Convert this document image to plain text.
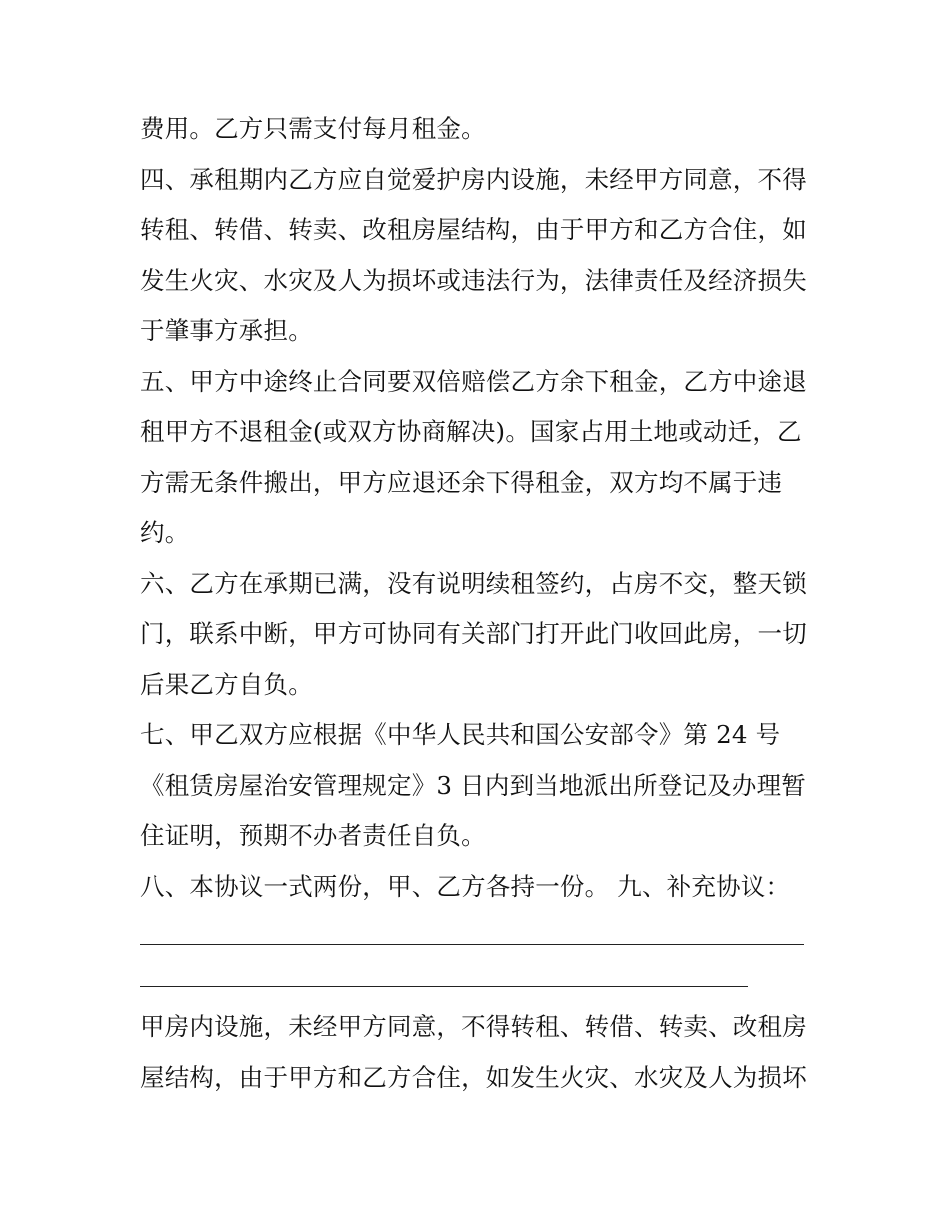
费用。乙方只需支付每月租金。
四、承租期内乙方应自觉爱护房内设施，未经甲方同意，不得
转租、转借、转卖、改租房屋结构，由于甲方和乙方合住，如
发生火灾、水灾及人为损坏或违法行为，法律责任及经济损失
于肇事方承担。
五、甲方中途终止合同要双倍赔偿乙方余下租金，乙方中途退
租甲方不退租金(或双方协商解决)。国家占用土地或动迁，乙
方需无条件搬出，甲方应退还余下得租金，双方均不属于违
约。
六、乙方在承期已满，没有说明续租签约，占房不交，整天锁
门，联系中断，甲方可协同有关部门打开此门收回此房，一切
后果乙方自负。
七、甲乙双方应根据《中华人民共和国公安部令》第 24 号
《租赁房屋治安管理规定》3 日内到当地派出所登记及办理暂
住证明，预期不办者责任自负。
八、本协议一式两份，甲、乙方各持一份。 九、补充协议：
甲房内设施，未经甲方同意，不得转租、转借、转卖、改租房
屋结构，由于甲方和乙方合住，如发生火灾、水灾及人为损坏
